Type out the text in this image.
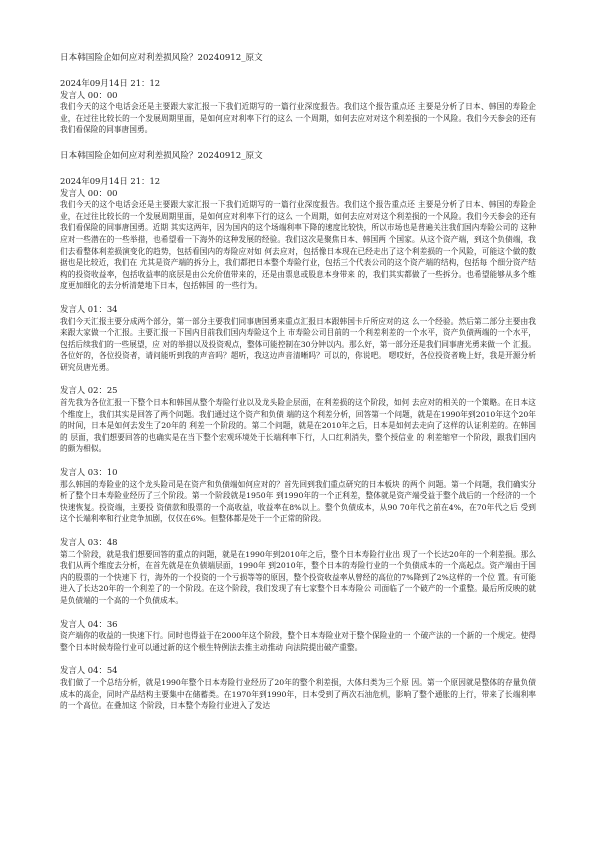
日本韩国险企如何应对利差损风险？20240912_原文

2024年09月14日 21：12

发言人 00：00

我们今天的这个电话会还是主要跟大家汇报一下我们近期写的一篇行业深度报告。我们这个报告重点还 主要是分析了日本、韩国的寿险企业，在过往比较长的一个发展周期里面，是如何应对利率下行的这么 一个周期，如何去应对对这个利差损的一个风险。我们今天参会的还有我们看保险的同事唐国勇。

日本韩国险企如何应对利差损风险？20240912_原文

2024年09月14日 21：12

发言人 00：00

我们今天的这个电话会还是主要跟大家汇报一下我们近期写的一篇行业深度报告。我们这个报告重点还 主要是分析了日本、韩国的寿险企业，在过往比较长的一个发展周期里面，是如何应对利率下行的这么 一个周期，如何去应对对这个利差损的一个风险。我们今天参会的还有我们看保险的同事唐国勇。近期 其实这两年，因为国内的这个场端利率下降的速度比较快，所以市场也是普遍关注我们国内寿险公司的 这种应对一些潜在的一些举措，也希望看一下海外的这种发展的经验。我们这次是聚焦日本、韩国两 个国家。从这个资产端，到这个负债端，我们去看整体利差损演变化的趋势，包括看国内的寿险应对如 何去应对，包括像日本现在已经走出了这个利差损的一个风险，可能这个做的数据也是比较近，我们在 尤其是资产端的拆分上，我们都把日本整个寿险行业，包括三个代表公司的这个资产端的结构，包括每 个细分资产结构的投资收益率，包括收益率的底层是由公允价值带来的，还是由票息或股息本身带来 的，我们其实都做了一些拆分。也希望能够从多个维度更加细化的去分析清楚地下日本，包括韩国 的一些行为。

发言人 01：34

我们今天汇报主要分成两个部分，第一部分主要我们同事唐国勇来重点汇报日本跟韩国卡斤所应对的这 么一个经验。然后第二部分主要由我来跟大家做一个汇报。主要汇报一下国内目前我们国内寿险这个上 市寿险公司目前的一个利差利差的一个水平，资产负债两端的一个水平，包括后续我们的一些展望，应 对的举措以及投资观点，整体可能控制在30分钟以内。那么好，第一部分还是我们同事唐光勇来做一个 汇报。各位好的，各位投资者，请问能听到我的声音吗？超听，我这边声音清晰吗？可以的，你说吧。 嗯哎好，各位投资者晚上好，我是开源分析研究员唐光勇。

发言人 02：25

首先我为各位汇报一下整个日本和韩国从整个寿险行业以及龙头险企层面，在利差损的这个阶段，如何 去应对的相关的一个策略。在日本这个维度上，我们其实是回答了两个问题。我们通过这个资产和负债 端的这个利差分析，回答第一个问题，就是在1990年到2010年这个20年的时间，日本是如何去发生了20年的 利差一个阶段的。第二个问题，就是在2010年之后，日本是如何去走向了这样的认证利差的。在韩国的 层面，我们想要回答的也确实是在当下整个宏观环境处于长端利率下行，人口红利消失，整个授信业 的 利差缩窄一个阶段，跟我们国内的颇为相似。

发言人 03：10

那么韩国的寿险业的这个龙头险司是在资产和负债端如何应对的？首先回到我们重点研究的日本板块 的两个 问题。第一个问题，我们确实分析了整个日本寿险业经历了三个阶段。第一个阶段就是1950年 到1990年的一个正利差，整体就是资产端受益于整个战后的一个经济的一个快速恢复。投资端，主要投 资债款和股票的一个高收益，收益率在8%以上。整个负债成本，从90 70年代之前在4%，在70年代之后 受到这个长端利率和行业竞争加剧，仅仅在6%。但整体都是处于一个正常的阶段。

发言人 03：48

第二个阶段，就是我们想要回答的重点的问题，就是在1990年到2010年之后，整个日本寿险行业出 现了一个长达20年的一个利差损。那么我们从两个维度去分析，在首先就是在负债端层面，1990年 到2010年，整个日本的寿险行业的一个负债成本的一个高起点。资产端由于国内的股票的一个快速下 行，海外的一个投资的一个亏损等等的原因，整个投资收益率从曾经的高位的7%降到了2%这样的一个位 置。有可能进入了长达20年的一个利差了的一个阶段。在这个阶段，我们发现了有七家整个日本寿险公 司面临了一个破产的一个重整。最后所反映的就是负债端的一个高的一个负债成本。

发言人 04：36

资产端你的收益的一快速下行。同时也得益于在2000年这个阶段，整个日本寿险业对于整个保险业的一 个破产法的一个新的一个规定。使得整个日本时候寿险行业可以通过新的这个根生特例法去推主动推动 向法院提出破产重整。

发言人 04：54

我们做了一个总结分析，就是1990年整个日本寿险行业经历了20年的整个利差损，大体归类为三个原 因。第一个原因就是整体的存量负债成本的高企，同时产品结构主要集中在储蓄类。在1970年到1990年，日本受到了两次石油危机，影响了整个通胀的上行，带来了长端利率的一个高位。在叠加这 个阶段，日本整个寿险行业进入了发达
